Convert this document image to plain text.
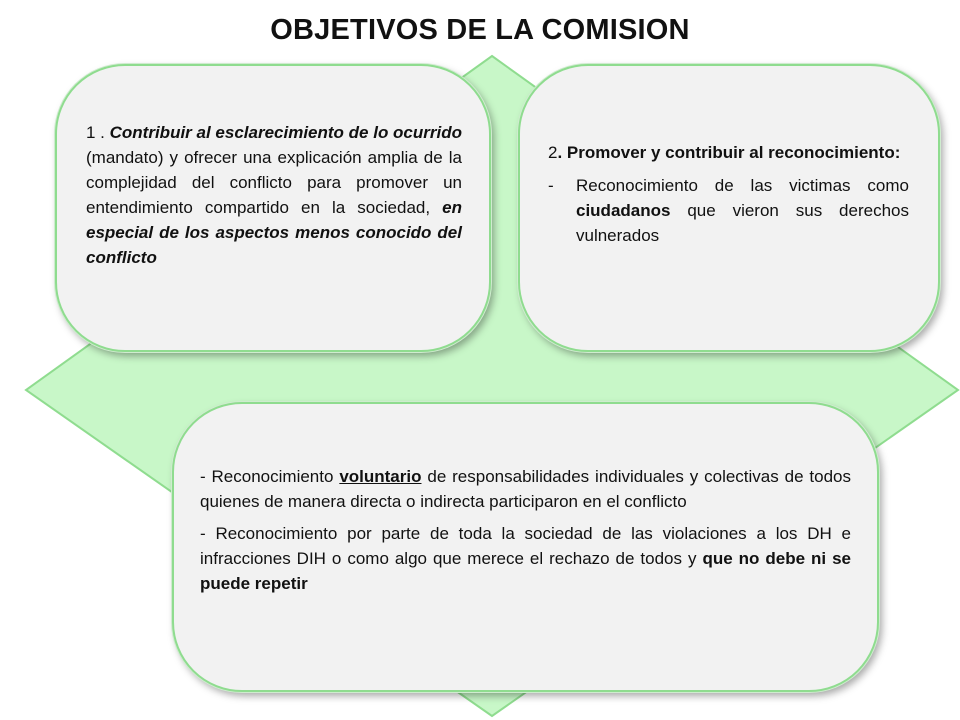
OBJETIVOS DE LA COMISION

1 . Contribuir al esclarecimiento de lo ocurrido (mandato) y ofrecer una explicación amplia de la complejidad del conflicto para promover un entendimiento compartido en la sociedad, en especial de los aspectos menos conocido del conflicto

2. Promover y contribuir al reconocimiento:

- Reconocimiento de las victimas como ciudadanos que vieron sus derechos vulnerados

- Reconocimiento voluntario de responsabilidades individuales y colectivas de todos quienes de manera directa o indirecta participaron en el conflicto

- Reconocimiento por parte de toda la sociedad de las violaciones a los DH e infracciones DIH o como algo que merece el rechazo de todos y que no debe ni se puede repetir
